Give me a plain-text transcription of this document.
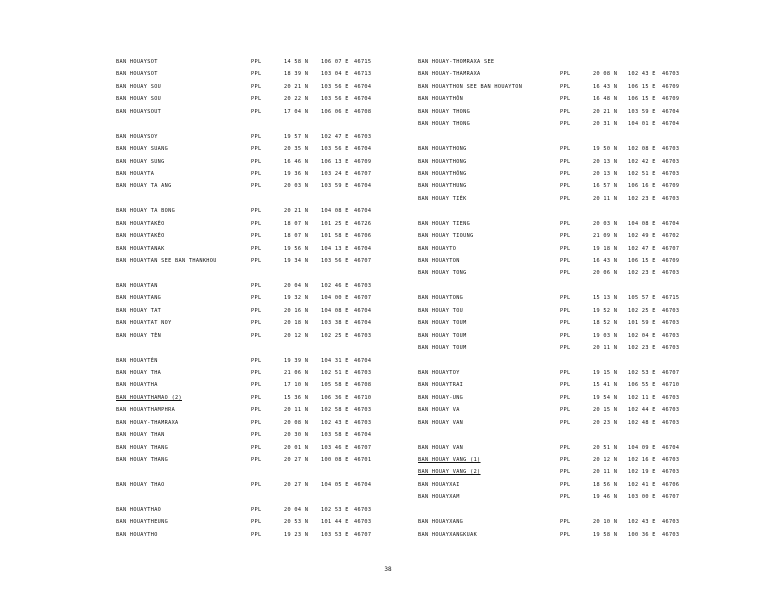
BAN HOUAYSOT	PPL	14 58 N 106 07 E 46715
BAN HOUAYSOT	PPL	18 39 N 103 04 E 46713
BAN HOUAY SOU	PPL	20 21 N 103 56 E 46704
BAN HOUAY SOU	PPL	20 22 N 103 56 E 46704
BAN HOUAYSOUT	PPL	17 04 N 106 06 E 46708
BAN HOUAYSOY	PPL	19 57 N 102 47 E 46703
BAN HOUAY SUANG	PPL	20 35 N 103 56 E 46704
BAN HOUAY SUNG	PPL	16 46 N 106 13 E 46709
BAN HOUAYTA	PPL	19 36 N 103 24 E 46707
BAN HOUAY TA ANG	PPL	20 03 N 103 59 E 46704
BAN HOUAY TA BONG	PPL	20 21 N 104 08 E 46704
BAN HOUAYTAKÈO	PPL	18 07 N 101 25 E 46726
BAN HOUAYTAKÈO	PPL	18 07 N 101 58 E 46706
BAN HOUAYTANAK	PPL	19 56 N 104 13 E 46704
BAN HOUAYTAN SEE BAN THANKHOU	PPL	19 34 N 103 56 E 46707
BAN HOUAYTAN	PPL	20 04 N 102 46 E 46703
BAN HOUAYTANG	PPL	19 32 N 104 00 E 46707
BAN HOUAY TAT	PPL	20 16 N 104 08 E 46704
BAN HOUAYTAT NOY	PPL	20 18 N 103 38 E 46704
BAN HOUAY TÈN	PPL	20 12 N 102 25 E 46703
BAN HOUAYTÈN	PPL	19 39 N 104 31 E 46704
BAN HOUAY THA	PPL	21 06 N 102 51 E 46703
BAN HOUAYTHA	PPL	17 10 N 105 58 E 46708
BAN HOUAYTHAMAO (2)	PPL	15 36 N 106 36 E 46710
BAN HOUAYTHAMPHRA	PPL	20 11 N 102 58 E 46703
BAN HOUAY-THAMRAXA	PPL	20 08 N 102 43 E 46703
BAN HOUAY THAN	PPL	20 30 N 103 58 E 46704
BAN HOUAY THANG	PPL	20 01 N 103 46 E 46707
BAN HOUAY THANG	PPL	20 27 N 100 08 E 46701
BAN HOUAY THAO	PPL	20 27 N 104 05 E 46704
BAN HOUAYTHAO	PPL	20 04 N 102 53 E 46703
BAN HOUAYTHEUNG	PPL	20 53 N 101 44 E 46703
BAN HOUAYTHO	PPL	19 23 N 103 53 E 46707
BAN HOUAY-THOMRAXA SEE
BAN HOUAY-THAMRAXA	PPL	20 08 N 102 43 E 46703
BAN HOUAYTHON SEE BAN HOUAYTON	PPL	16 43 N 106 15 E 46709
BAN HOUAYTHÔN	PPL	16 48 N 106 15 E 46709
BAN HOUAY THONG	PPL	20 21 N 103 59 E 46704
BAN HOUAY THONG	PPL	20 31 N 104 01 E 46704
BAN HOUAYTHONG	PPL	19 50 N 102 08 E 46703
BAN HOUAYTHONG	PPL	20 13 N 102 42 E 46703
BAN HOUAYTHÔNG	PPL	20 13 N 102 51 E 46703
BAN HOUAYTHUNG	PPL	16 57 N 106 16 E 46709
BAN HOUAY TIÈK	PPL	20 11 N 102 23 E 46703
BAN HOUAY TIENG	PPL	20 03 N 104 08 E 46704
BAN HOUAY TIOUNG	PPL	21 09 N 102 49 E 46702
BAN HOUAYTO	PPL	19 18 N 102 47 E 46707
BAN HOUAYTON	PPL	16 43 N 106 15 E 46709
BAN HOUAY TONG	PPL	20 06 N 102 23 E 46703
BAN HOUAYTONG	PPL	15 13 N 105 57 E 46715
BAN HOUAY TOU	PPL	19 52 N 102 25 E 46703
BAN HOUAY TOUM	PPL	18 52 N 101 59 E 46703
BAN HOUAY TOUM	PPL	19 03 N 102 04 E 46703
BAN HOUAY TOUM	PPL	20 11 N 102 23 E 46703
BAN HOUAYTOY	PPL	19 15 N 102 53 E 46707
BAN HOUAYTRAI	PPL	15 41 N 106 55 E 46710
BAN HOUAY-UNG	PPL	19 54 N 102 11 E 46703
BAN HOUAY VA	PPL	20 15 N 102 44 E 46703
BAN HOUAY VAN	PPL	20 23 N 102 48 E 46703
BAN HOUAY VAN	PPL	20 51 N 104 09 E 46704
BAN HOUAY VANG (1)	PPL	20 12 N 102 16 E 46703
BAN HOUAY VANG (2)	PPL	20 11 N 102 19 E 46703
BAN HOUAYXAI	PPL	18 56 N 102 41 E 46706
BAN HOUAYXAM	PPL	19 46 N 103 00 E 46707
BAN HOUAYXANG	PPL	20 10 N 102 43 E 46703
BAN HOUAYXANGKUAK	PPL	19 58 N 100 36 E 46703
38
